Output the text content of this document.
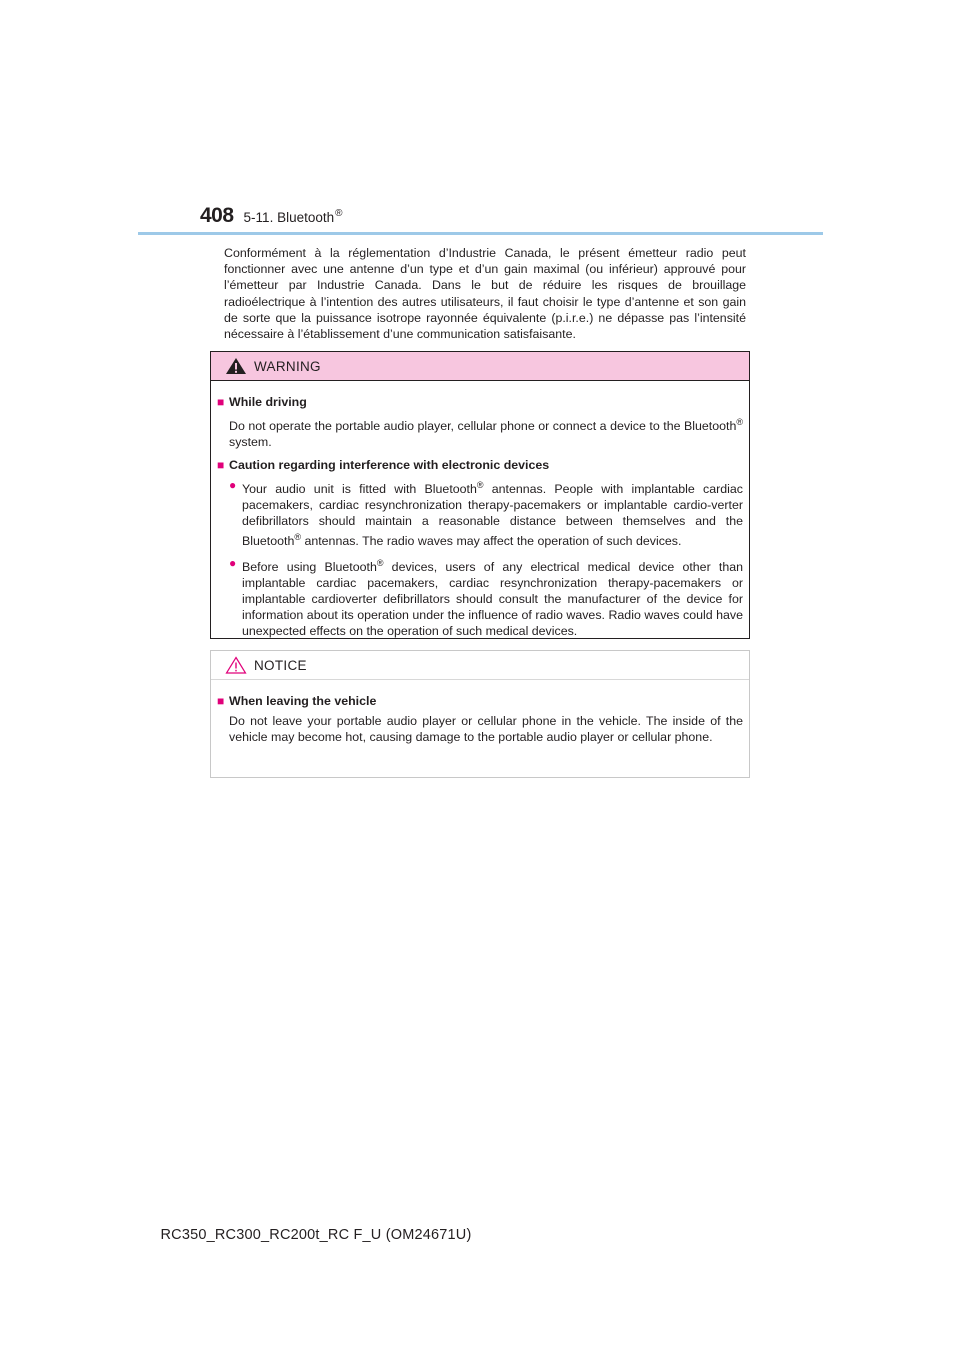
408 5-11. Bluetooth®

Conformément à la réglementation d’Industrie Canada, le présent émetteur radio peut fonctionner avec une antenne d’un type et d’un gain maximal (ou inférieur) approuvé pour l’émetteur par Industrie Canada. Dans le but de réduire les risques de brouillage radioélectrique à l’intention des autres utilisateurs, il faut choisir le type d’antenne et son gain de sorte que la puissance isotrope rayonnée équivalente (p.i.r.e.) ne dépasse pas l’intensité nécessaire à l’établissement d’une communication satisfaisante.

WARNING
■ While driving
Do not operate the portable audio player, cellular phone or connect a device to the Bluetooth® system.
■ Caution regarding interference with electronic devices
● Your audio unit is fitted with Bluetooth® antennas. People with implantable cardiac pacemakers, cardiac resynchronization therapy-pacemakers or implantable cardio-verter defibrillators should maintain a reasonable distance between themselves and the Bluetooth® antennas. The radio waves may affect the operation of such devices.
● Before using Bluetooth® devices, users of any electrical medical device other than implantable cardiac pacemakers, cardiac resynchronization therapy-pacemakers or implantable cardioverter defibrillators should consult the manufacturer of the device for information about its operation under the influence of radio waves. Radio waves could have unexpected effects on the operation of such medical devices.
NOTICE
■ When leaving the vehicle
Do not leave your portable audio player or cellular phone in the vehicle. The inside of the vehicle may become hot, causing damage to the portable audio player or cellular phone.
RC350_RC300_RC200t_RC F_U (OM24671U)
